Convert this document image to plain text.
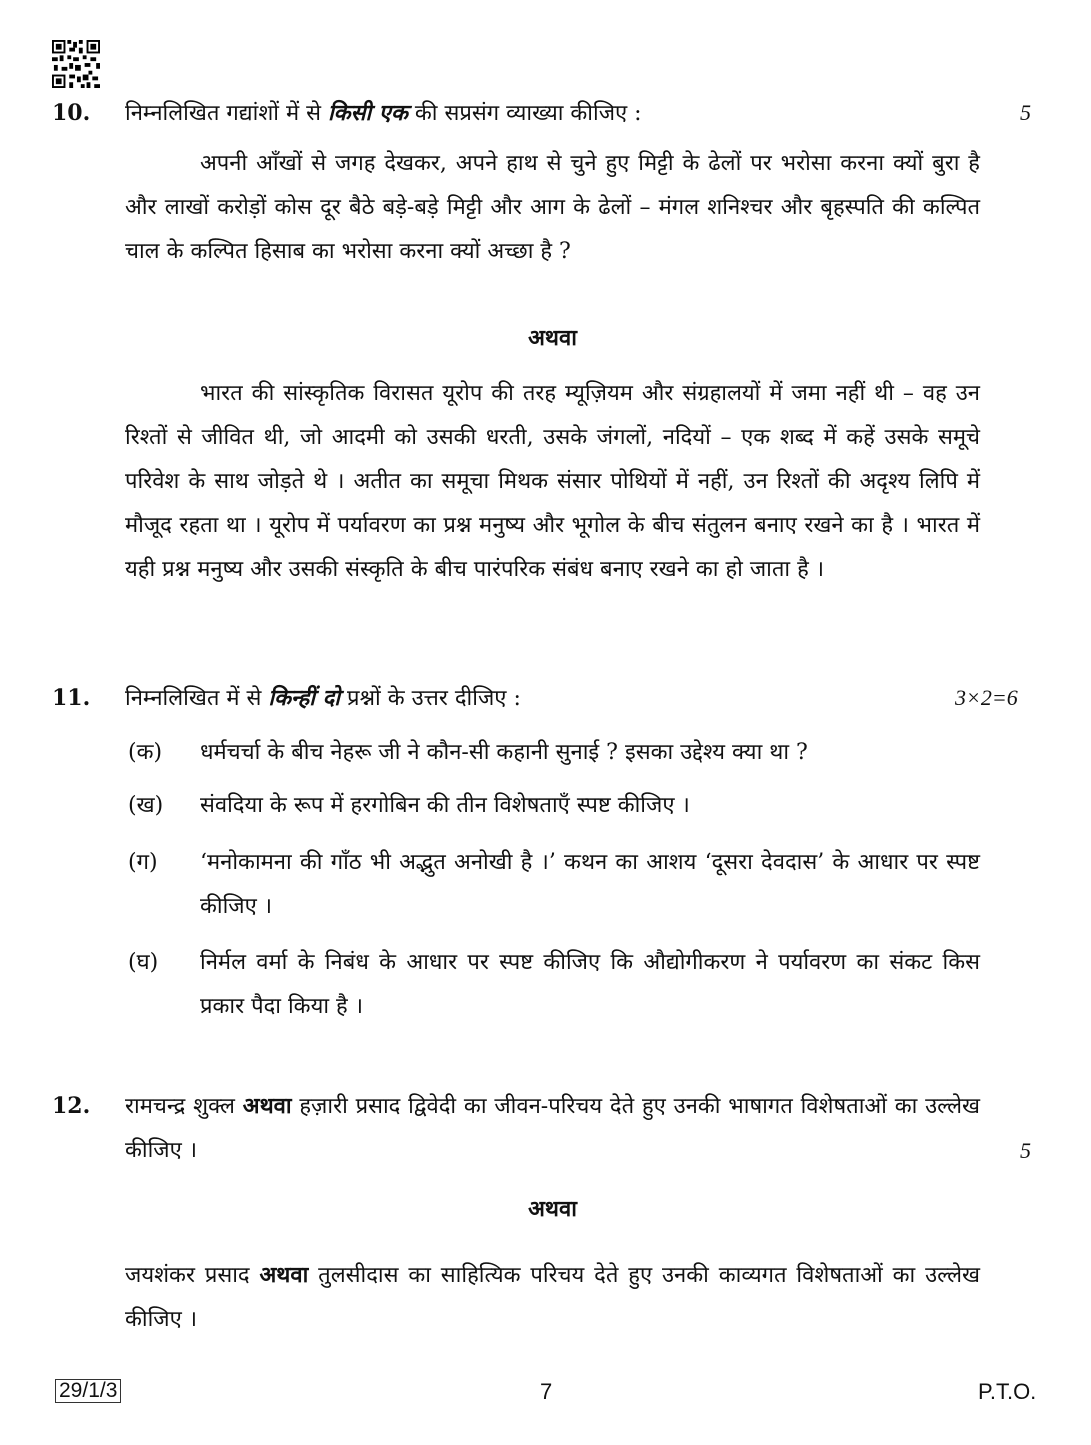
10. निम्नलिखित गद्यांशों में से किसी एक की सप्रसंग व्याख्या कीजिए :	5
अपनी आँखों से जगह देखकर, अपने हाथ से चुने हुए मिट्टी के ढेलों पर भरोसा करना क्यों बुरा है और लाखों करोड़ों कोस दूर बैठे बड़े-बड़े मिट्टी और आग के ढेलों – मंगल शनिश्चर और बृहस्पति की कल्पित चाल के कल्पित हिसाब का भरोसा करना क्यों अच्छा है ?
अथवा
भारत की सांस्कृतिक विरासत यूरोप की तरह म्यूज़ियम और संग्रहालयों में जमा नहीं थी – वह उन रिश्तों से जीवित थी, जो आदमी को उसकी धरती, उसके जंगलों, नदियों – एक शब्द में कहें उसके समूचे परिवेश के साथ जोड़ते थे । अतीत का समूचा मिथक संसार पोथियों में नहीं, उन रिश्तों की अदृश्य लिपि में मौजूद रहता था । यूरोप में पर्यावरण का प्रश्न मनुष्य और भूगोल के बीच संतुलन बनाए रखने का है । भारत में यही प्रश्न मनुष्य और उसकी संस्कृति के बीच पारंपरिक संबंध बनाए रखने का हो जाता है ।
11. निम्नलिखित में से किन्हीं दो प्रश्नों के उत्तर दीजिए :	3×2=6
(क) धर्मचर्चा के बीच नेहरू जी ने कौन-सी कहानी सुनाई ? इसका उद्देश्य क्या था ?
(ख) संवदिया के रूप में हरगोबिन की तीन विशेषताएँ स्पष्ट कीजिए ।
(ग) ‘मनोकामना की गाँठ भी अद्भुत अनोखी है ।’ कथन का आशय ‘दूसरा देवदास’ के आधार पर स्पष्ट कीजिए ।
(घ) निर्मल वर्मा के निबंध के आधार पर स्पष्ट कीजिए कि औद्योगीकरण ने पर्यावरण का संकट किस प्रकार पैदा किया है ।
12. रामचन्द्र शुक्ल अथवा हज़ारी प्रसाद द्विवेदी का जीवन-परिचय देते हुए उनकी भाषागत विशेषताओं का उल्लेख कीजिए ।	5
अथवा
जयशंकर प्रसाद अथवा तुलसीदास का साहित्यिक परिचय देते हुए उनकी काव्यगत विशेषताओं का उल्लेख कीजिए ।
29/1/3	7	P.T.O.
